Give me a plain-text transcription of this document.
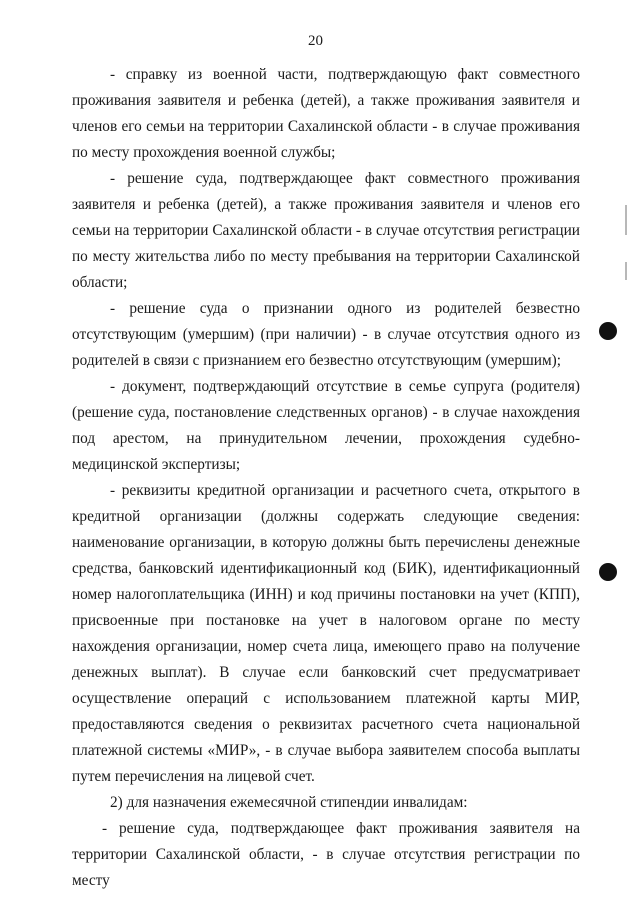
20

- справку из военной части, подтверждающую факт совместного проживания заявителя и ребенка (детей), а также проживания заявителя и членов его семьи на территории Сахалинской области - в случае проживания по месту прохождения военной службы;

- решение суда, подтверждающее факт совместного проживания заявителя и ребенка (детей), а также проживания заявителя и членов его семьи на территории Сахалинской области - в случае отсутствия регистрации по месту жительства либо по месту пребывания на территории Сахалинской области;

- решение суда о признании одного из родителей безвестно отсутствующим (умершим) (при наличии) - в случае отсутствия одного из родителей в связи с признанием его безвестно отсутствующим (умершим);

- документ, подтверждающий отсутствие в семье супруга (родителя) (решение суда, постановление следственных органов) - в случае нахождения под арестом, на принудительном лечении, прохождения судебно-медицинской экспертизы;

- реквизиты кредитной организации и расчетного счета, открытого в кредитной организации (должны содержать следующие сведения: наименование организации, в которую должны быть перечислены денежные средства, банковский идентификационный код (БИК), идентификационный номер налогоплательщика (ИНН) и код причины постановки на учет (КПП), присвоенные при постановке на учет в налоговом органе по месту нахождения организации, номер счета лица, имеющего право на получение денежных выплат). В случае если банковский счет предусматривает осуществление операций с использованием платежной карты МИР, предоставляются сведения о реквизитах расчетного счета национальной платежной системы «МИР», - в случае выбора заявителем способа выплаты путем перечисления на лицевой счет.

2) для назначения ежемесячной стипендии инвалидам:

- решение суда, подтверждающее факт проживания заявителя на территории Сахалинской области, - в случае отсутствия регистрации по месту
